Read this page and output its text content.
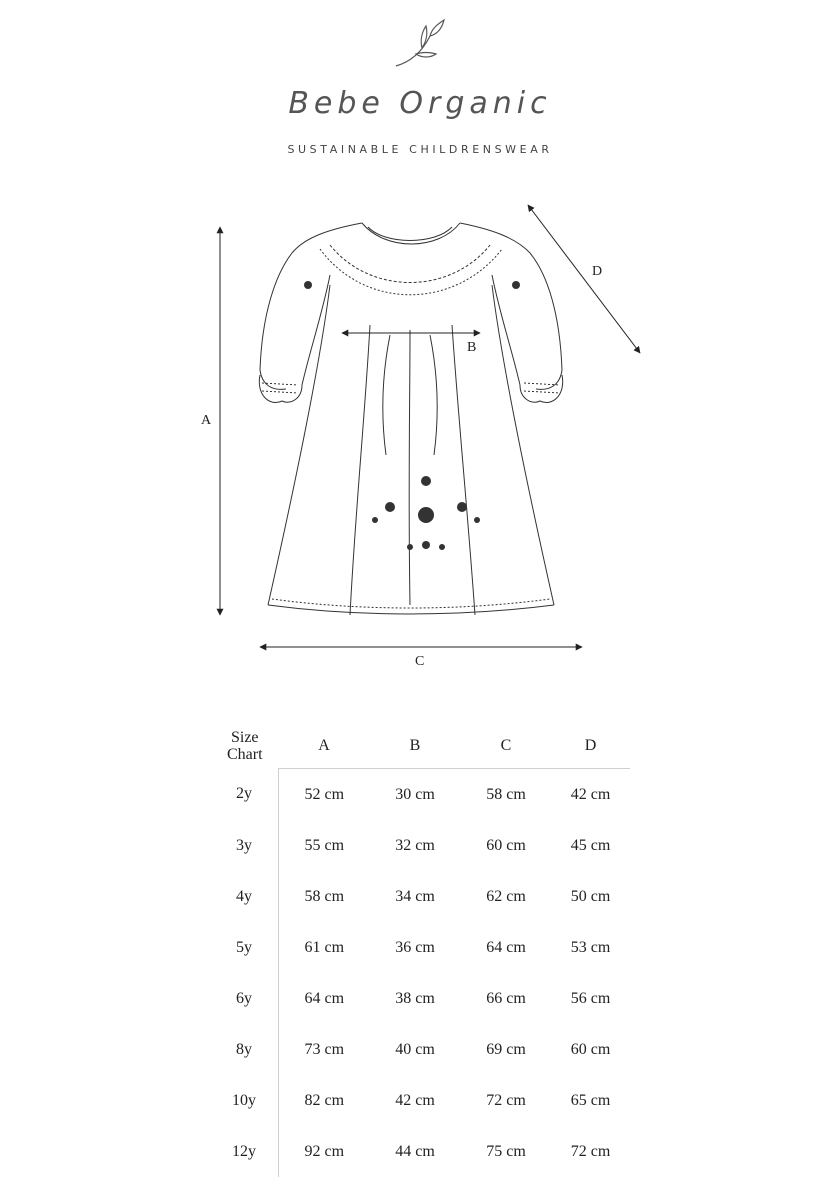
Bebe Organic
SUSTAINABLE CHILDRENSWEAR
A
B
C
D
Size
Chart	A	B	C	D
2y	52 cm	30 cm	58 cm	42 cm
3y	55 cm	32 cm	60 cm	45 cm
4y	58 cm	34 cm	62 cm	50 cm
5y	61 cm	36 cm	64 cm	53 cm
6y	64 cm	38 cm	66 cm	56 cm
8y	73 cm	40 cm	69 cm	60 cm
10y	82 cm	42 cm	72 cm	65 cm
12y	92 cm	44 cm	75 cm	72 cm
